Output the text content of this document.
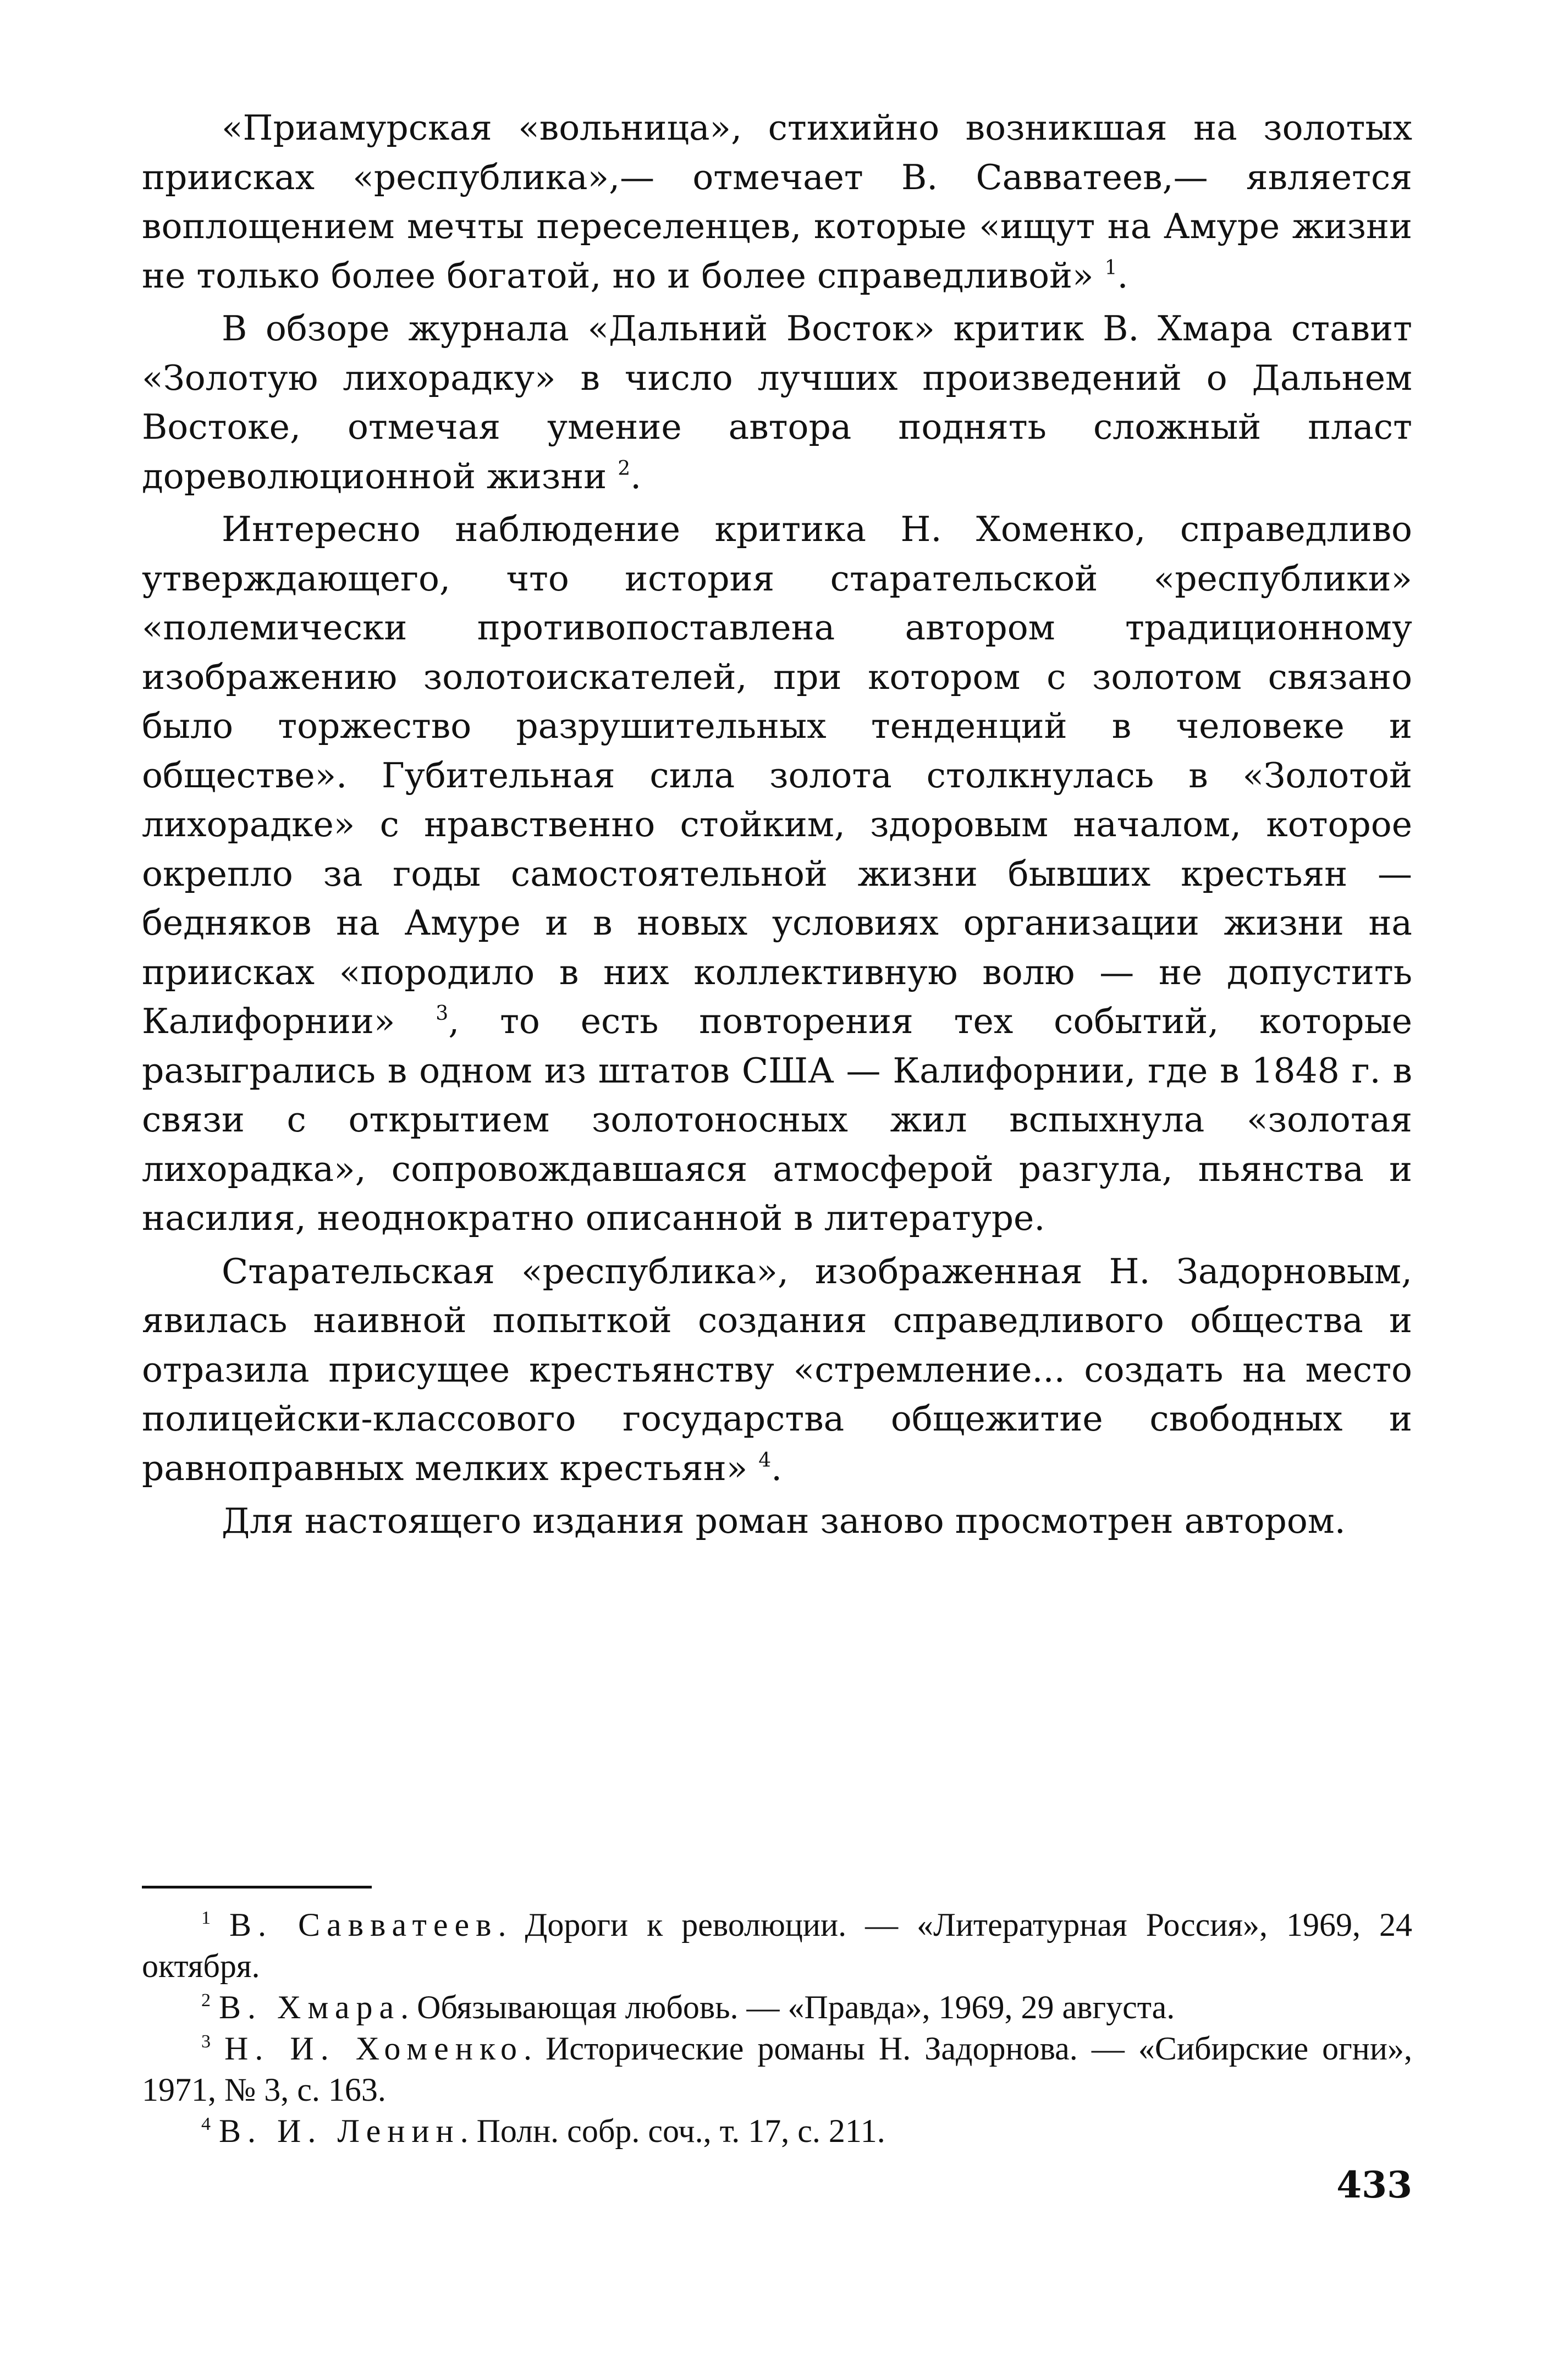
«Приамурская «вольница», стихийно возникшая на золотых приисках «республика»,— отмечает В. Савватеев,— является воплощением мечты переселенцев, которые «ищут на Амуре жизни не только более богатой, но и более справедливой» $^1$.

В обзоре журнала «Дальний Восток» критик В. Хмара ставит «Золотую лихорадку» в число лучших произведений о Дальнем Востоке, отмечая умение автора поднять сложный пласт дореволюционной жизни $^2$.

Интересно наблюдение критика Н. Хоменко, справедливо утверждающего, что история старательской «республики» «полемически противопоставлена автором традиционному изображению золотоискателей, при котором с золотом связано было торжество разрушительных тенденций в человеке и обществе». Губительная сила золота столкнулась в «Золотой лихорадке» с нравственно стойким, здоровым началом, которое окрепло за годы самостоятельной жизни бывших крестьян — бедняков на Амуре и в новых условиях организации жизни на приисках «породило в них коллективную волю — не допустить Калифорнии» $^3$, то есть повторения тех событий, которые разыгрались в одном из штатов США — Калифорнии, где в 1848 г. в связи с открытием золотоносных жил вспыхнула «золотая лихорадка», сопровождавшаяся атмосферой разгула, пьянства и насилия, неоднократно описанной в литературе.

Старательская «республика», изображенная Н. Задорновым, явилась наивной попыткой создания справедливого общества и отразила присущее крестьянству «стремление... создать на место полицейски-классового государства общежитие свободных и равноправных мелких крестьян» $^4$.

Для настоящего издания роман заново просмотрен автором.

$^1$ В. Савватеев. Дороги к революции. — «Литературная Россия», 1969, 24 октября.

$^2$ В. Хмара. Обязывающая любовь. — «Правда», 1969, 29 августа.

$^3$ Н. И. Хоменко. Исторические романы Н. Задорнова. — «Сибирские огни», 1971, № 3, с. 163.

$^4$ В. И. Ленин. Полн. собр. соч., т. 17, с. 211.

433
